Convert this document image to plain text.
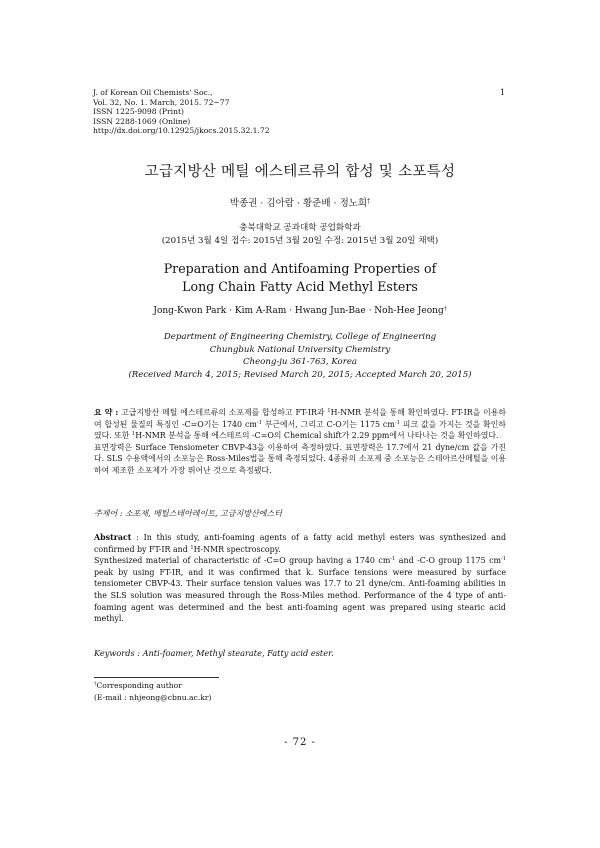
J. of Korean Oil Chemists' Soc.,
Vol. 32, No. 1. March, 2015. 72~77
ISSN 1225-9098 (Print)
ISSN 2288-1069 (Online)
http://dx.doi.org/10.12925/jkocs.2015.32.1.72
1
고급지방산 메틸 에스테르류의 합성 및 소포특성
박종권 · 김아람 · 황준배 · 정노희†
충북대학교 공과대학 공업화학과
(2015년 3월 4일 접수: 2015년 3월 20일 수정: 2015년 3월 20일 채택)
Preparation and Antifoaming Properties of
Long Chain Fatty Acid Methyl Esters
Jong-Kwon Park · Kim A-Ram · Hwang Jun-Bae · Noh-Hee Jeong†
Department of Engineering Chemistry, College of Engineering
Chungbuk National University Chemistry
Cheong-ju 361-763, Korea
(Received March 4, 2015; Revised March 20, 2015; Accepted March 20, 2015)

요 약 : 고급지방산 메틸 에스테르류의 소포제를 합성하고 FT-IR과 $^1$H-NMR 분석을 통해 확인하였다. FT-IR을 이용하여 합성된 물질의 특징인 -C=O기는 1740 $cm^{-1}$ 부근에서, 그리고 C-O기는 1175 $cm^{-1}$ 피크 값을 가지는 것을 확인하였다. 또한 $^1$H-NMR 분석을 통해 에스테르의 -C=O의 Chemical shift가 2.29 ppm에서 나타나는 것을 확인하였다.

표면장력은 Surface Tensiometer CBVP-43을 이용하여 측정하였다. 표면장력은 17.7에서 21 dyne/cm 값을 가진다. SLS 수용액에서의 소포능은 Ross-Miles법을 통해 측정되었다. 4종류의 소포제 중 소포능은 스테아르산메틸을 이용하여 제조한 소포제가 가장 뛰어난 것으로 측정됐다.

주제어 : 소포제, 메틸스테아레이트, 고급지방산에스터

Abstract : In this study, anti-foaming agents of a fatty acid methyl esters was synthesized and confirmed by FT-IR and $^1$H-NMR spectroscopy.

Synthesized material of characteristic of -C=O group having a 1740 $cm^{-1}$ and -C-O group 1175 $cm^{-1}$ peak by using FT-IR, and it was confirmed that k. Surface tensions were measured by surface tensiometer CBVP-43. Their surface tension values was 17.7 to 21 dyne/cm. Anti-foaming abilities in the SLS solution was measured through the Ross-Miles method. Performance of the 4 type of anti-foaming agent was determined and the best anti-foaming agent was prepared using stearic acid methyl.

Keywords : Anti-foamer, Methyl stearate, Fatty acid ester.
†Corresponding author
(E-mail : nhjeong@cbnu.ac.kr)
- 72 -
